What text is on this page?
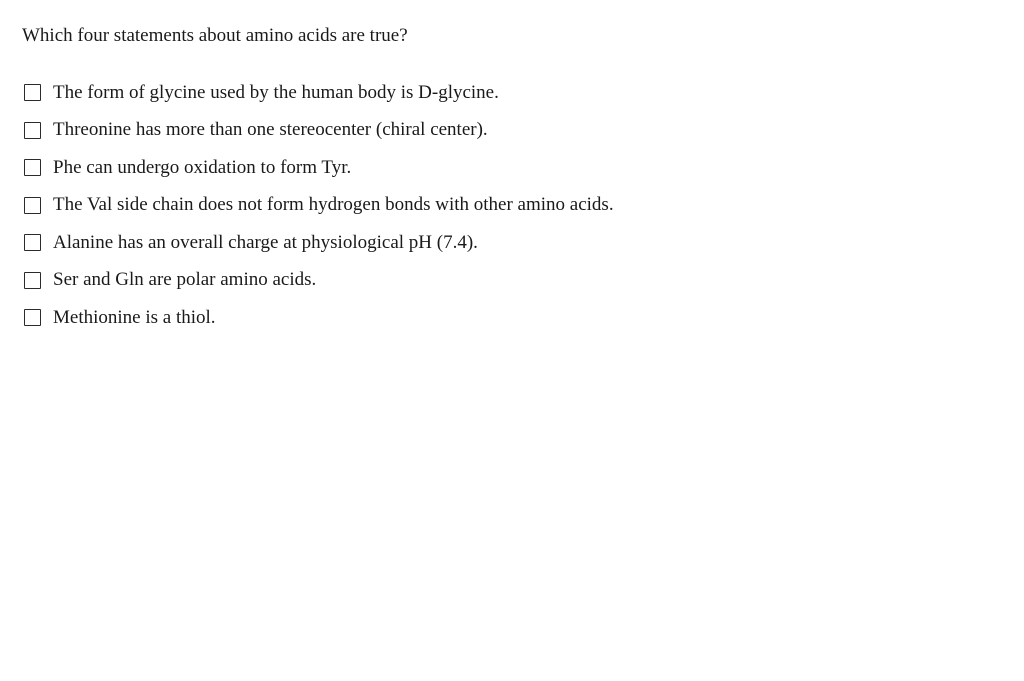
Which four statements about amino acids are true?
The form of glycine used by the human body is D-glycine.
Threonine has more than one stereocenter (chiral center).
Phe can undergo oxidation to form Tyr.
The Val side chain does not form hydrogen bonds with other amino acids.
Alanine has an overall charge at physiological pH (7.4).
Ser and Gln are polar amino acids.
Methionine is a thiol.
